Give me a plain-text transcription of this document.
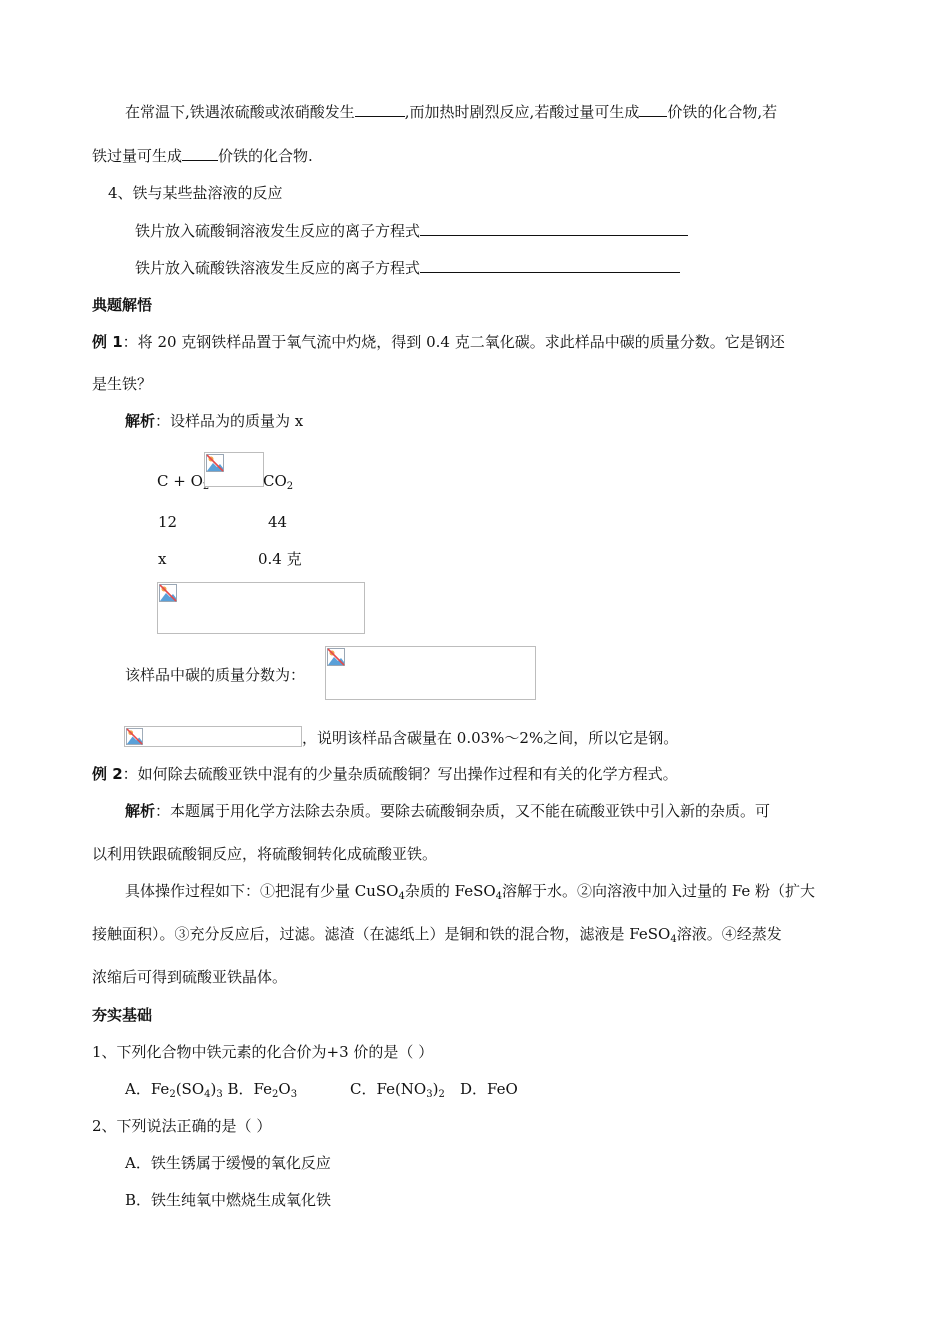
在常温下,铁遇浓硫酸或浓硝酸发生	,而加热时剧烈反应,若酸过量可生成 价铁的化合物,若
铁过量可生成 价铁的化合物.
4、铁与某些盐溶液的反应
铁片放入硫酸铜溶液发生反应的离子方程式
铁片放入硫酸铁溶液发生反应的离子方程式
典题解悟
例 1：将 20 克钢铁样品置于氧气流中灼烧，得到 0.4 克二氧化碳。求此样品中碳的质量分数。它是钢还
是生铁？
解析：设样品为的质量为 x
C + O	$CO_2$
12	44
x	0.4 克
该样品中碳的质量分数为：
，说明该样品含碳量在 0.03%～2%之间，所以它是钢。
例 2：如何除去硫酸亚铁中混有的少量杂质硫酸铜？写出操作过程和有关的化学方程式。
解析：本题属于用化学方法除去杂质。要除去硫酸铜杂质，又不能在硫酸亚铁中引入新的杂质。可
以利用铁跟硫酸铜反应，将硫酸铜转化成硫酸亚铁。
具体操作过程如下：①把混有少量 CuSO$_4$杂质的 FeSO$_4$溶解于水。②向溶液中加入过量的 Fe 粉（扩大
接触面积）。③充分反应后，过滤。滤渣（在滤纸上）是铜和铁的混合物，滤液是 FeSO$_4$溶液。④经蒸发
浓缩后可得到硫酸亚铁晶体。
夯实基础
1、下列化合物中铁元素的化合价为+3 价的是（ ）
A．$Fe_2(SO_4)_3$ B．$Fe_2O_3$	C．$Fe(NO_3)_2$ D．FeO
2、下列说法正确的是（ ）
A．铁生锈属于缓慢的氧化反应
B．铁生纯氧中燃烧生成氧化铁
